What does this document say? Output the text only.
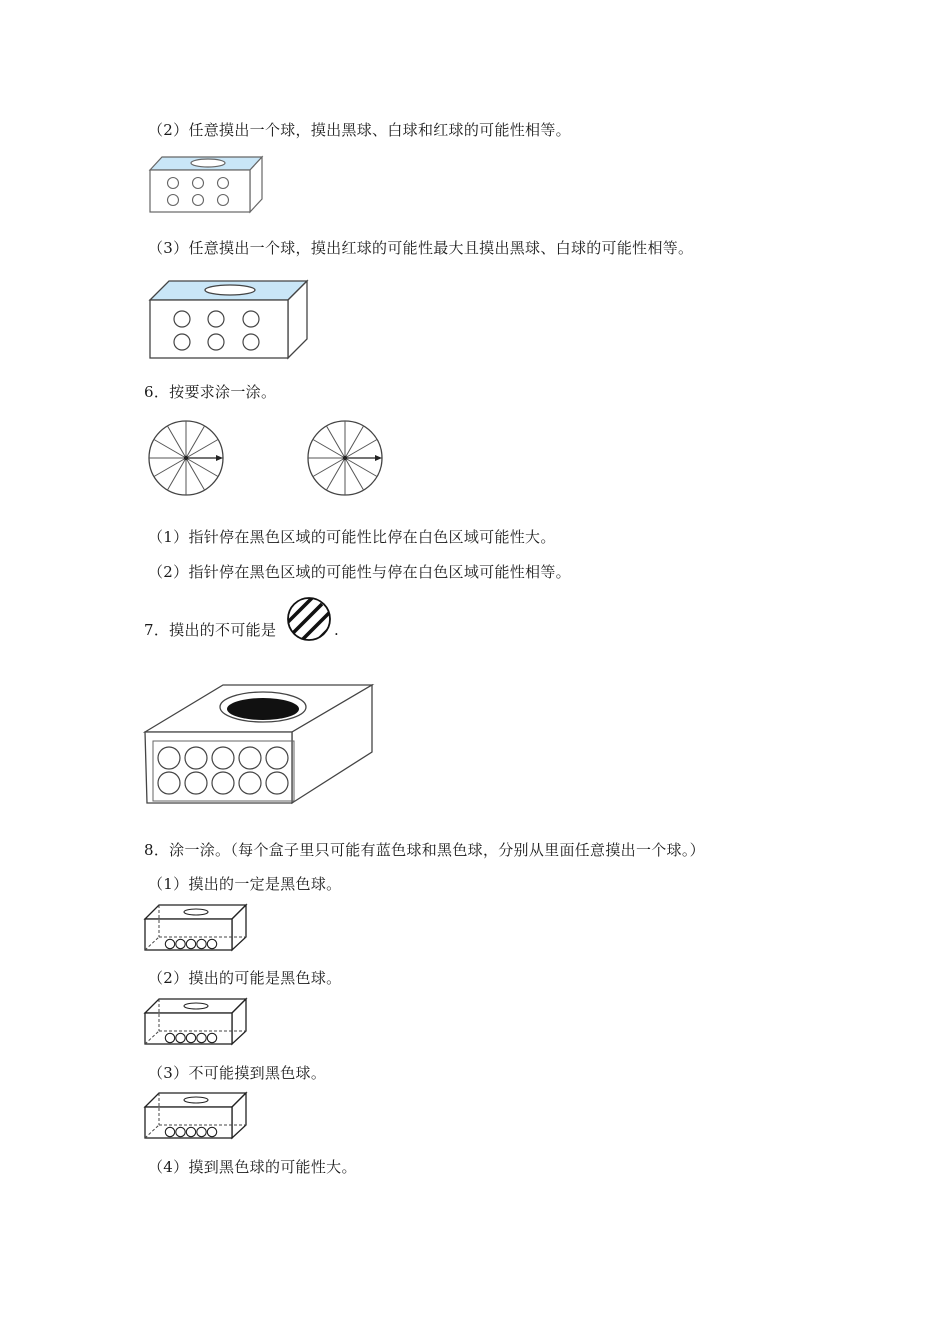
（2）任意摸出一个球，摸出黑球、白球和红球的可能性相等。
（3）任意摸出一个球，摸出红球的可能性最大且摸出黑球、白球的可能性相等。
6．按要求涂一涂。
（1）指针停在黑色区域的可能性比停在白色区域可能性大。
（2）指针停在黑色区域的可能性与停在白色区域可能性相等。
7．摸出的不可能是	.
8．涂一涂。（每个盒子里只可能有蓝色球和黑色球，分别从里面任意摸出一个球。）
（1）摸出的一定是黑色球。
（2）摸出的可能是黑色球。
（3）不可能摸到黑色球。
（4）摸到黑色球的可能性大。
